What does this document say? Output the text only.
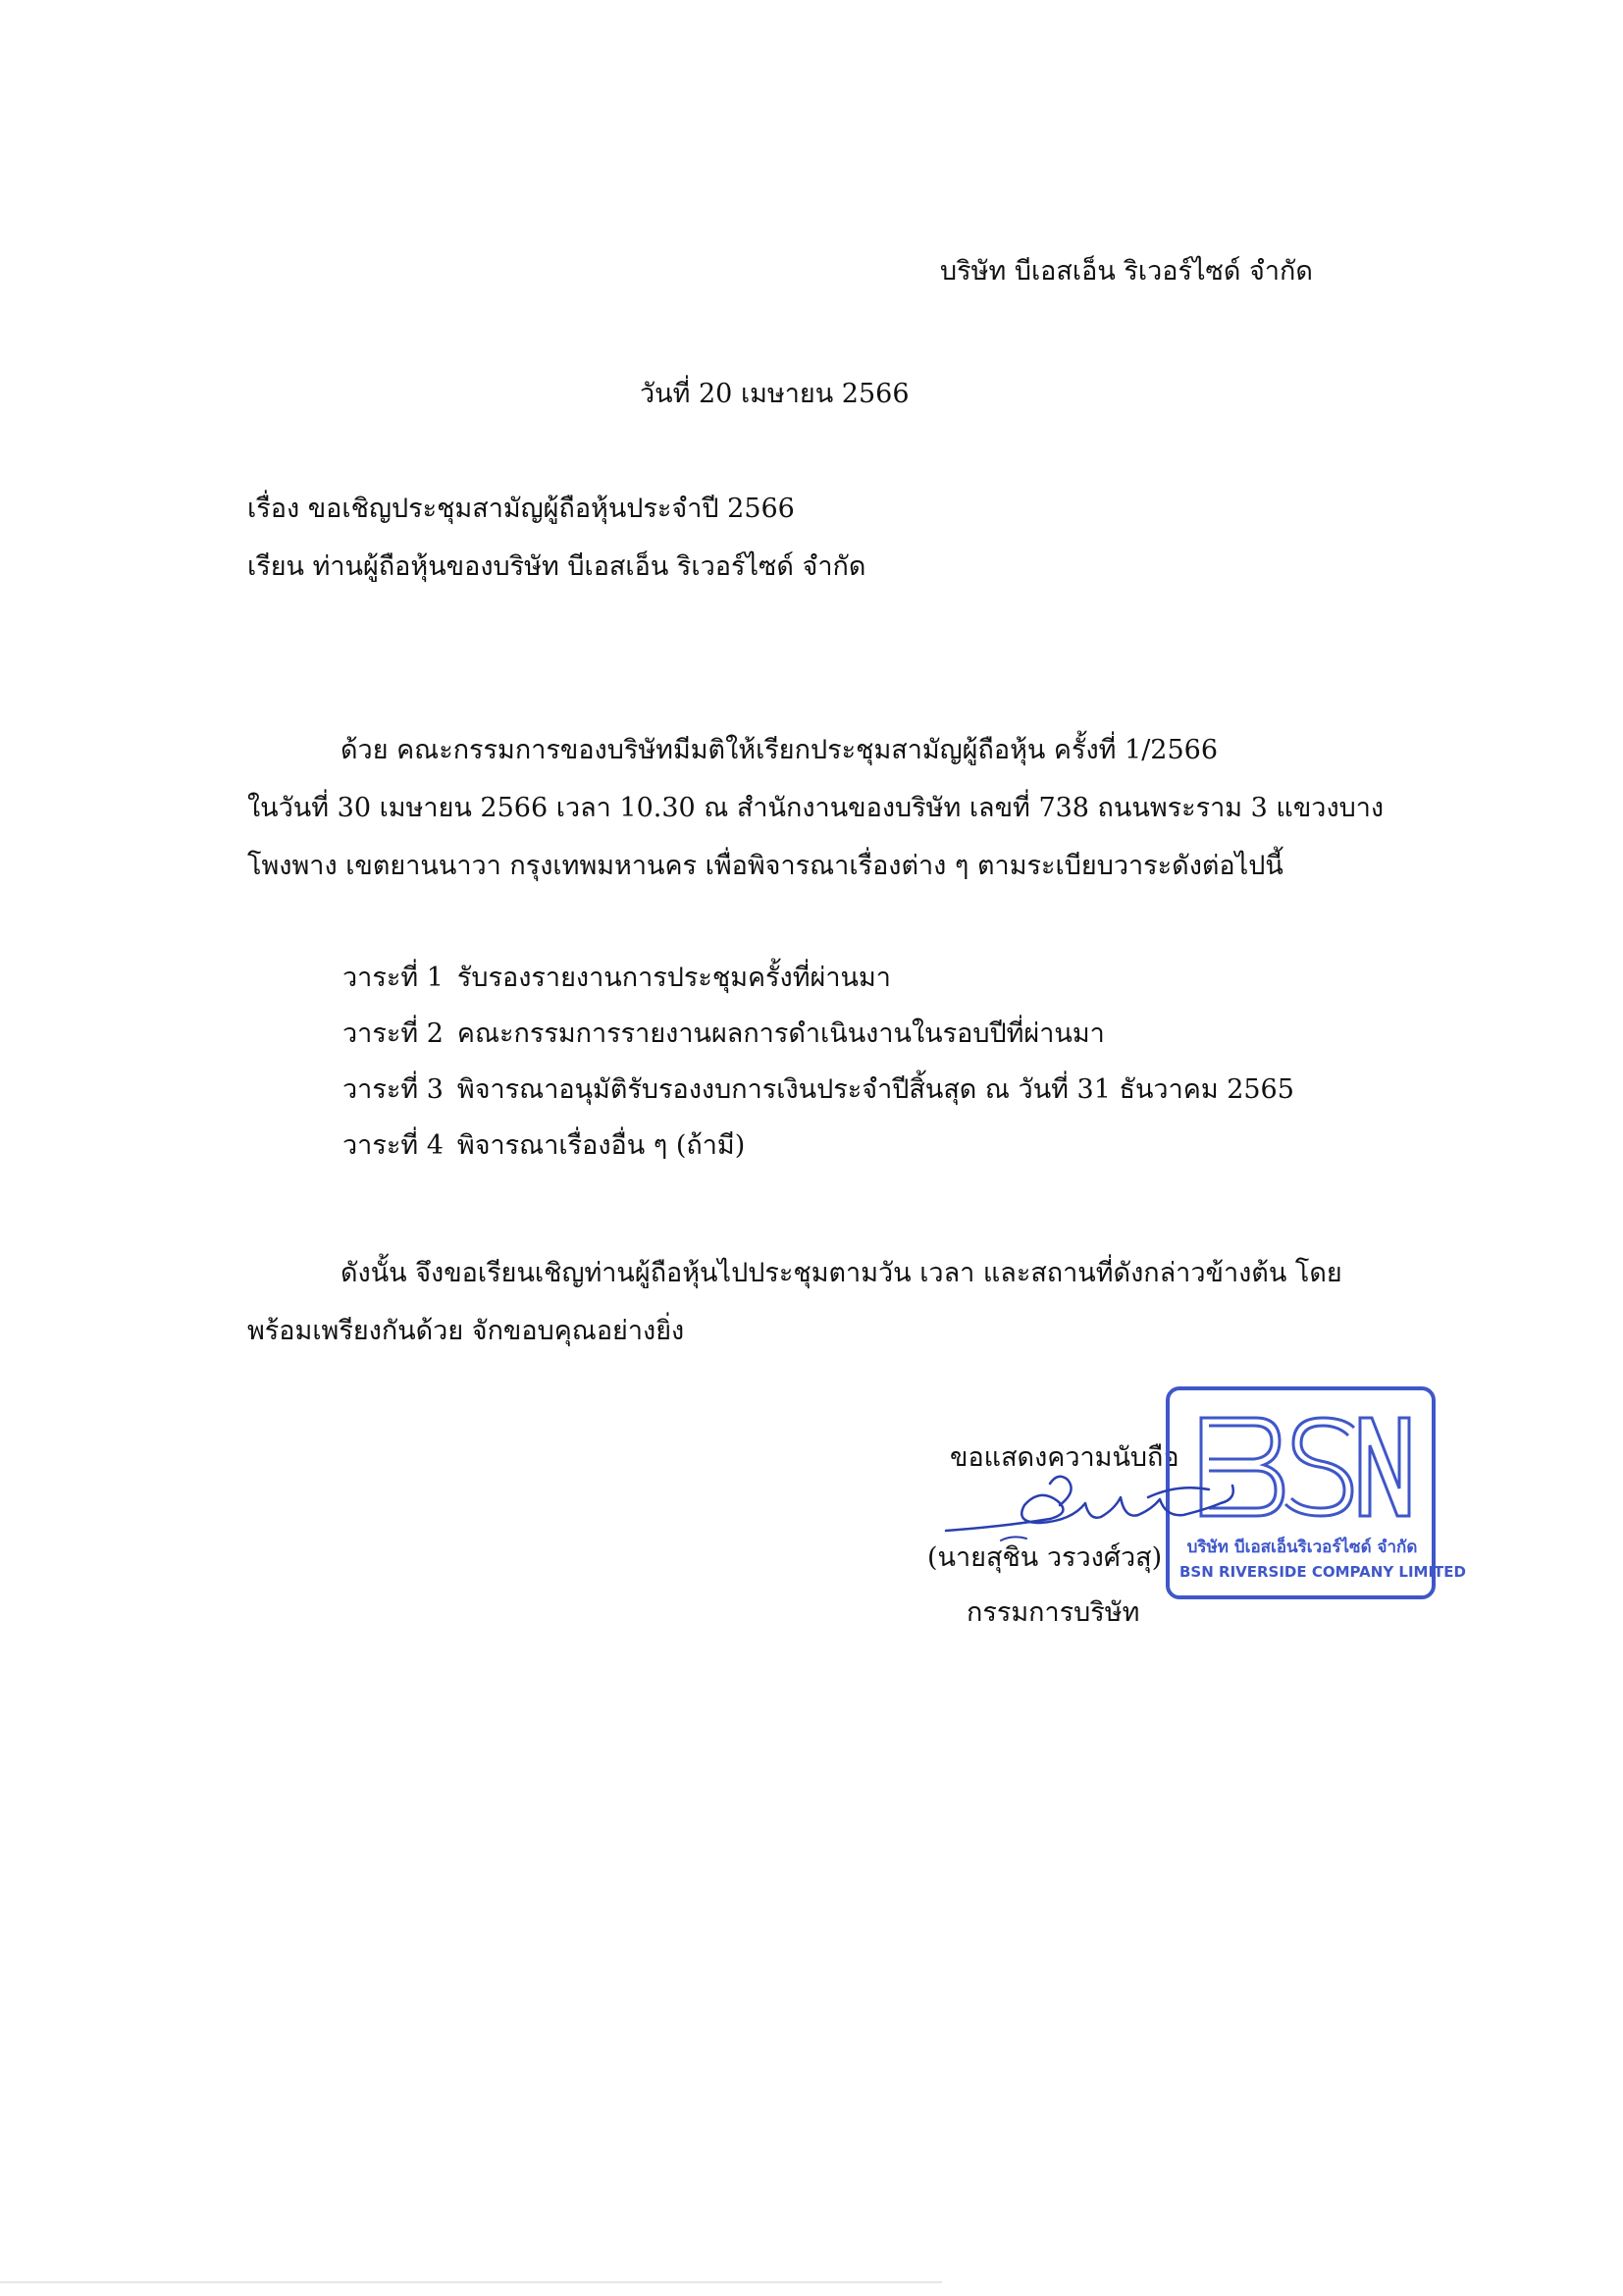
บริษัท บีเอสเอ็น ริเวอร์ไซด์ จำกัด
วันที่ 20 เมษายน 2566
เรื่อง ขอเชิญประชุมสามัญผู้ถือหุ้นประจำปี 2566
เรียน ท่านผู้ถือหุ้นของบริษัท บีเอสเอ็น ริเวอร์ไซด์ จำกัด
ด้วย คณะกรรมการของบริษัทมีมติให้เรียกประชุมสามัญผู้ถือหุ้น ครั้งที่ 1/2566
ในวันที่ 30 เมษายน 2566 เวลา 10.30 ณ สำนักงานของบริษัท เลขที่ 738 ถนนพระราม 3 แขวงบาง
โพงพาง เขตยานนาวา กรุงเทพมหานคร เพื่อพิจารณาเรื่องต่าง ๆ ตามระเบียบวาระดังต่อไปนี้
วาระที่ 1 รับรองรายงานการประชุมครั้งที่ผ่านมา
วาระที่ 2 คณะกรรมการรายงานผลการดำเนินงานในรอบปีที่ผ่านมา
วาระที่ 3 พิจารณาอนุมัติรับรองงบการเงินประจำปีสิ้นสุด ณ วันที่ 31 ธันวาคม 2565
วาระที่ 4 พิจารณาเรื่องอื่น ๆ (ถ้ามี)
ดังนั้น จึงขอเรียนเชิญท่านผู้ถือหุ้นไปประชุมตามวัน เวลา และสถานที่ดังกล่าวข้างต้น โดย
พร้อมเพรียงกันด้วย จักขอบคุณอย่างยิ่ง
ขอแสดงความนับถือ
บริษัท บีเอสเอ็นริเวอร์ไซด์ จำกัด
BSN RIVERSIDE COMPANY LIMITED
(นายสุชิน วรวงศ์วสุ)
กรรมการบริษัท
